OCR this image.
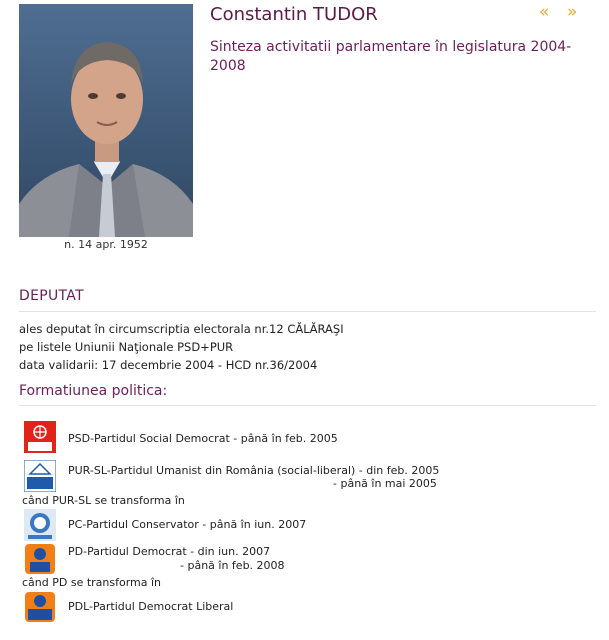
n. 14 apr. 1952
Constantin TUDOR
Sinteza activitatii parlamentare în legislatura 2004-2008
« »
DEPUTAT
ales deputat în circumscriptia electorala nr.12 CĂLĂRAŞI
pe listele Uniunii Naţionale PSD+PUR
data validarii: 17 decembrie 2004 - HCD nr.36/2004
Formatiunea politica:
PSD-Partidul Social Democrat - până în feb. 2005
PUR-SL-Partidul Umanist din România (social-liberal) - din feb. 2005
- până în mai 2005
când PUR-SL se transforma în
PC-Partidul Conservator - până în iun. 2007
PD-Partidul Democrat - din iun. 2007
- până în feb. 2008
când PD se transforma în
PDL-Partidul Democrat Liberal
